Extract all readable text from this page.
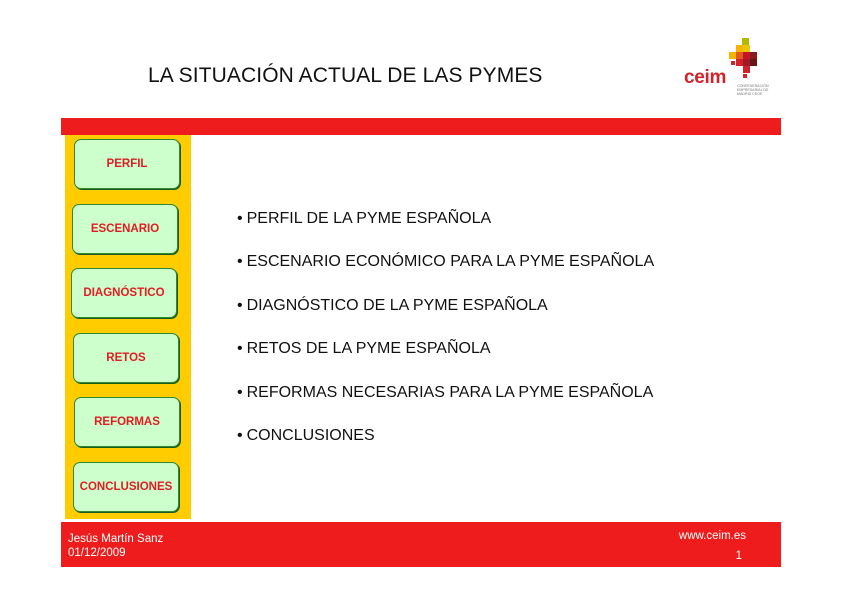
LA SITUACIÓN ACTUAL DE LAS PYMES	ceim	CONFEDERACIÓN EMPRESARIAL DE MADRID CEOE
PERFIL
ESCENARIO
DIAGNÓSTICO
RETOS
REFORMAS
CONCLUSIONES
• PERFIL DE LA PYME ESPAÑOLA
• ESCENARIO ECONÓMICO PARA LA PYME ESPAÑOLA
• DIAGNÓSTICO DE LA PYME ESPAÑOLA
• RETOS DE LA PYME ESPAÑOLA
• REFORMAS NECESARIAS PARA LA PYME ESPAÑOLA
• CONCLUSIONES
Jesús Martín Sanz
01/12/2009
www.ceim.es
1
